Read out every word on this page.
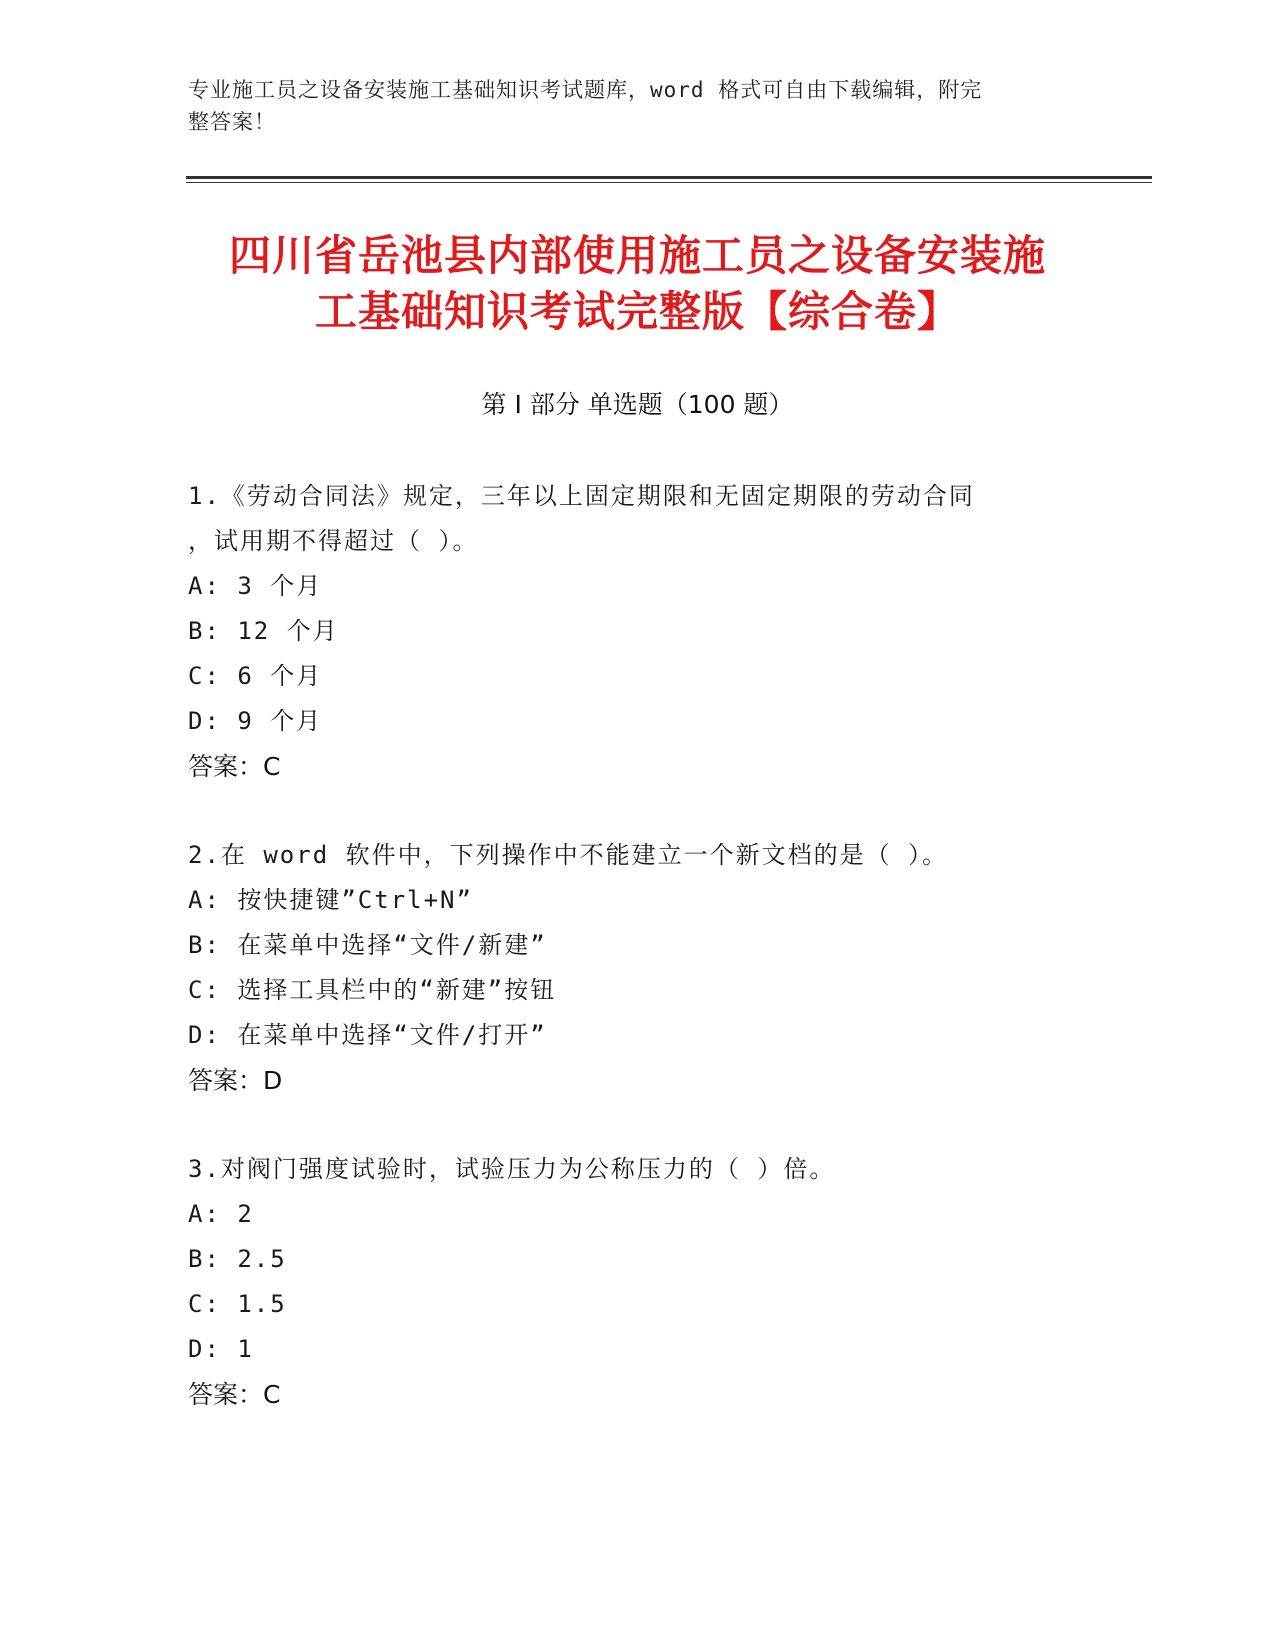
专业施工员之设备安装施工基础知识考试题库，word 格式可自由下载编辑，附完
整答案！
四川省岳池县内部使用施工员之设备安装施
工基础知识考试完整版【综合卷】
第 I 部分 单选题（100 题）

1.《劳动合同法》规定，三年以上固定期限和无固定期限的劳动合同

，试用期不得超过（ ）。

A: 3 个月

B: 12 个月

C: 6 个月

D: 9 个月

答案：C

2.在 word 软件中，下列操作中不能建立一个新文档的是（ ）。

A: 按快捷键”Ctrl+N”

B: 在菜单中选择“文件/新建”

C: 选择工具栏中的“新建”按钮

D: 在菜单中选择“文件/打开”

答案：D

3.对阀门强度试验时，试验压力为公称压力的（ ）倍。

A: 2

B: 2.5

C: 1.5

D: 1

答案：C
